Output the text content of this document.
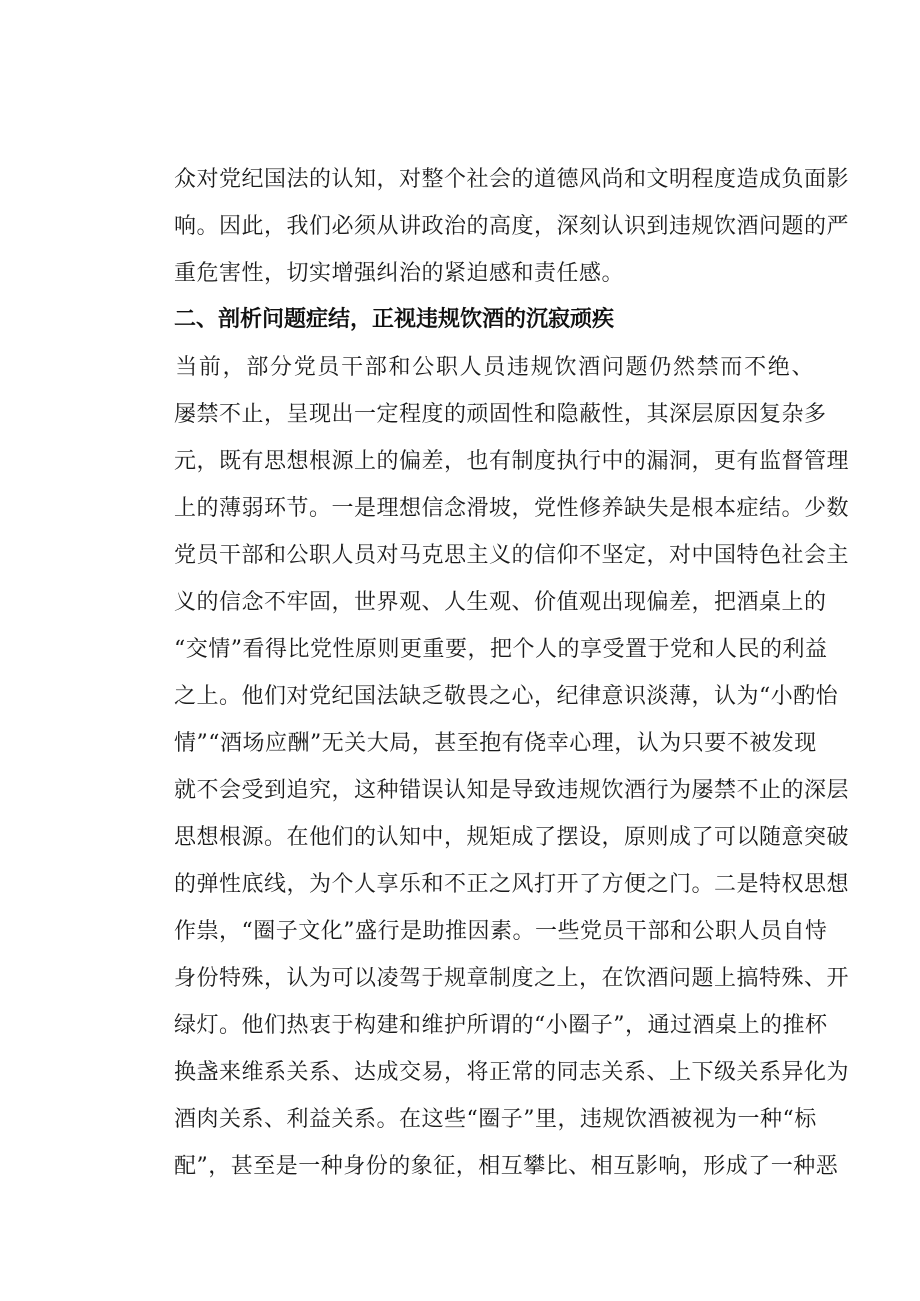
众对党纪国法的认知，对整个社会的道德风尚和文明程度造成负面影
响。因此，我们必须从讲政治的高度，深刻认识到违规饮酒问题的严
重危害性，切实增强纠治的紧迫感和责任感。
二、剖析问题症结，正视违规饮酒的沉寂顽疾
当前，部分党员干部和公职人员违规饮酒问题仍然禁而不绝、
屡禁不止，呈现出一定程度的顽固性和隐蔽性，其深层原因复杂多
元，既有思想根源上的偏差，也有制度执行中的漏洞，更有监督管理
上的薄弱环节。一是理想信念滑坡，党性修养缺失是根本症结。少数
党员干部和公职人员对马克思主义的信仰不坚定，对中国特色社会主
义的信念不牢固，世界观、人生观、价值观出现偏差，把酒桌上的
“交情”看得比党性原则更重要，把个人的享受置于党和人民的利益
之上。他们对党纪国法缺乏敬畏之心，纪律意识淡薄，认为“小酌怡
情”“酒场应酬”无关大局，甚至抱有侥幸心理，认为只要不被发现
就不会受到追究，这种错误认知是导致违规饮酒行为屡禁不止的深层
思想根源。在他们的认知中，规矩成了摆设，原则成了可以随意突破
的弹性底线，为个人享乐和不正之风打开了方便之门。二是特权思想
作祟，“圈子文化”盛行是助推因素。一些党员干部和公职人员自恃
身份特殊，认为可以凌驾于规章制度之上，在饮酒问题上搞特殊、开
绿灯。他们热衷于构建和维护所谓的“小圈子”，通过酒桌上的推杯
换盏来维系关系、达成交易，将正常的同志关系、上下级关系异化为
酒肉关系、利益关系。在这些“圈子”里，违规饮酒被视为一种“标
配”，甚至是一种身份的象征，相互攀比、相互影响，形成了一种恶
